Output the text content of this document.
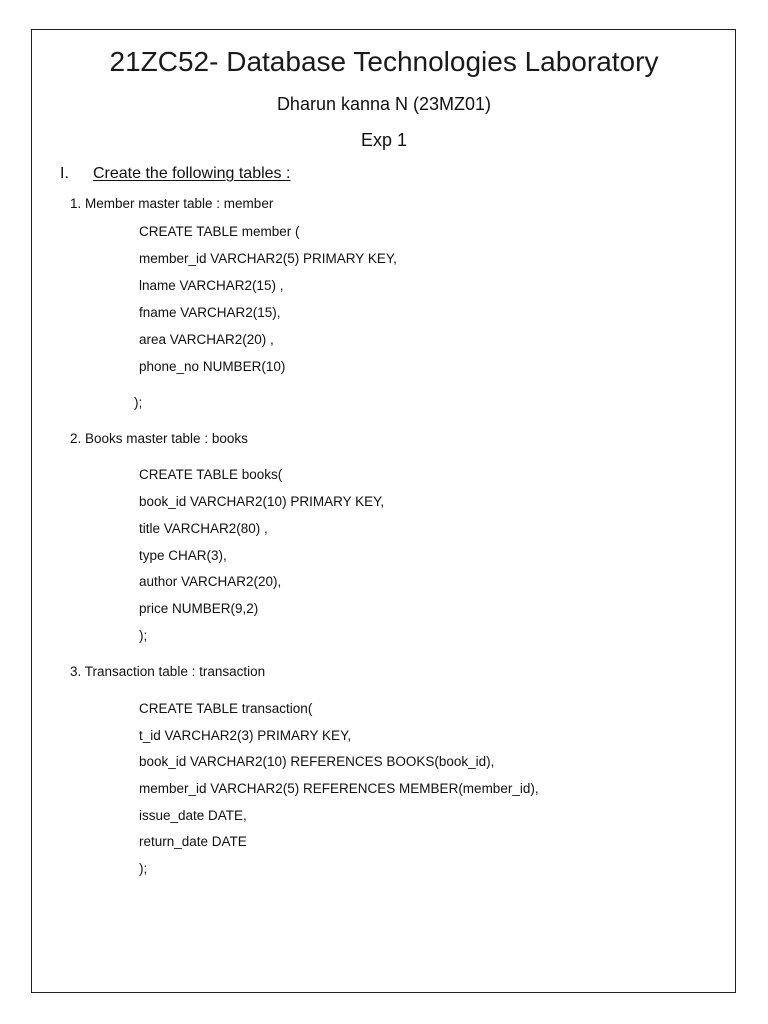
21ZC52- Database Technologies Laboratory
Dharun kanna N (23MZ01)
Exp 1
I. Create the following tables :
1. Member master table : member
CREATE TABLE member (
member_id VARCHAR2(5) PRIMARY KEY,
lname VARCHAR2(15) ,
fname VARCHAR2(15),
area VARCHAR2(20) ,
phone_no NUMBER(10)
);
2. Books master table : books
CREATE TABLE books(
book_id VARCHAR2(10) PRIMARY KEY,
title VARCHAR2(80) ,
type CHAR(3),
author VARCHAR2(20),
price NUMBER(9,2)
);
3. Transaction table : transaction
CREATE TABLE transaction(
t_id VARCHAR2(3) PRIMARY KEY,
book_id VARCHAR2(10) REFERENCES BOOKS(book_id),
member_id VARCHAR2(5) REFERENCES MEMBER(member_id),
issue_date DATE,
return_date DATE
);
